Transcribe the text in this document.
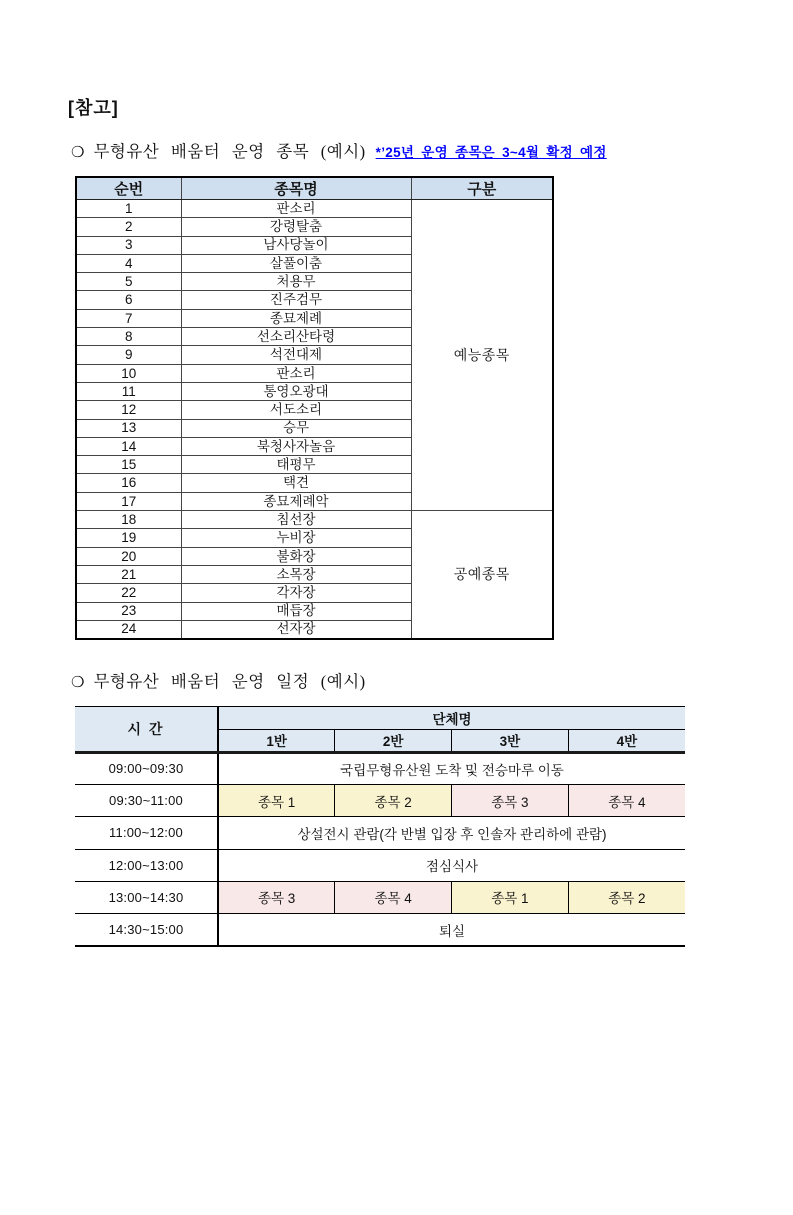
[참고]
❍ 무형유산 배움터 운영 종목 (예시) *’25년 운영 종목은 3~4월 확정 예정
순번	종목명	구분
1	판소리	예능종목
2	강령탈춤	
3	남사당놀이	
4	살풀이춤	
5	처용무	
6	진주검무	
7	종묘제례	
8	선소리산타령	
9	석전대제	
10	판소리	
11	통영오광대	
12	서도소리	
13	승무	
14	북청사자놀음	
15	태평무	
16	택견	
17	종묘제례악	
18	침선장	공예종목
19	누비장	
20	불화장	
21	소목장	
22	각자장	
23	매듭장	
24	선자장	
❍ 무형유산 배움터 운영 일정 (예시)
시 간	단체명			
	1반	2반	3반	4반
09:00~09:30	국립무형유산원 도착 및 전승마루 이동			
09:30~11:00	종목 1	종목 2	종목 3	종목 4
11:00~12:00	상설전시 관람(각 반별 입장 후 인솔자 관리하에 관람)			
12:00~13:00	점심식사			
13:00~14:30	종목 3	종목 4	종목 1	종목 2
14:30~15:00	퇴실			
